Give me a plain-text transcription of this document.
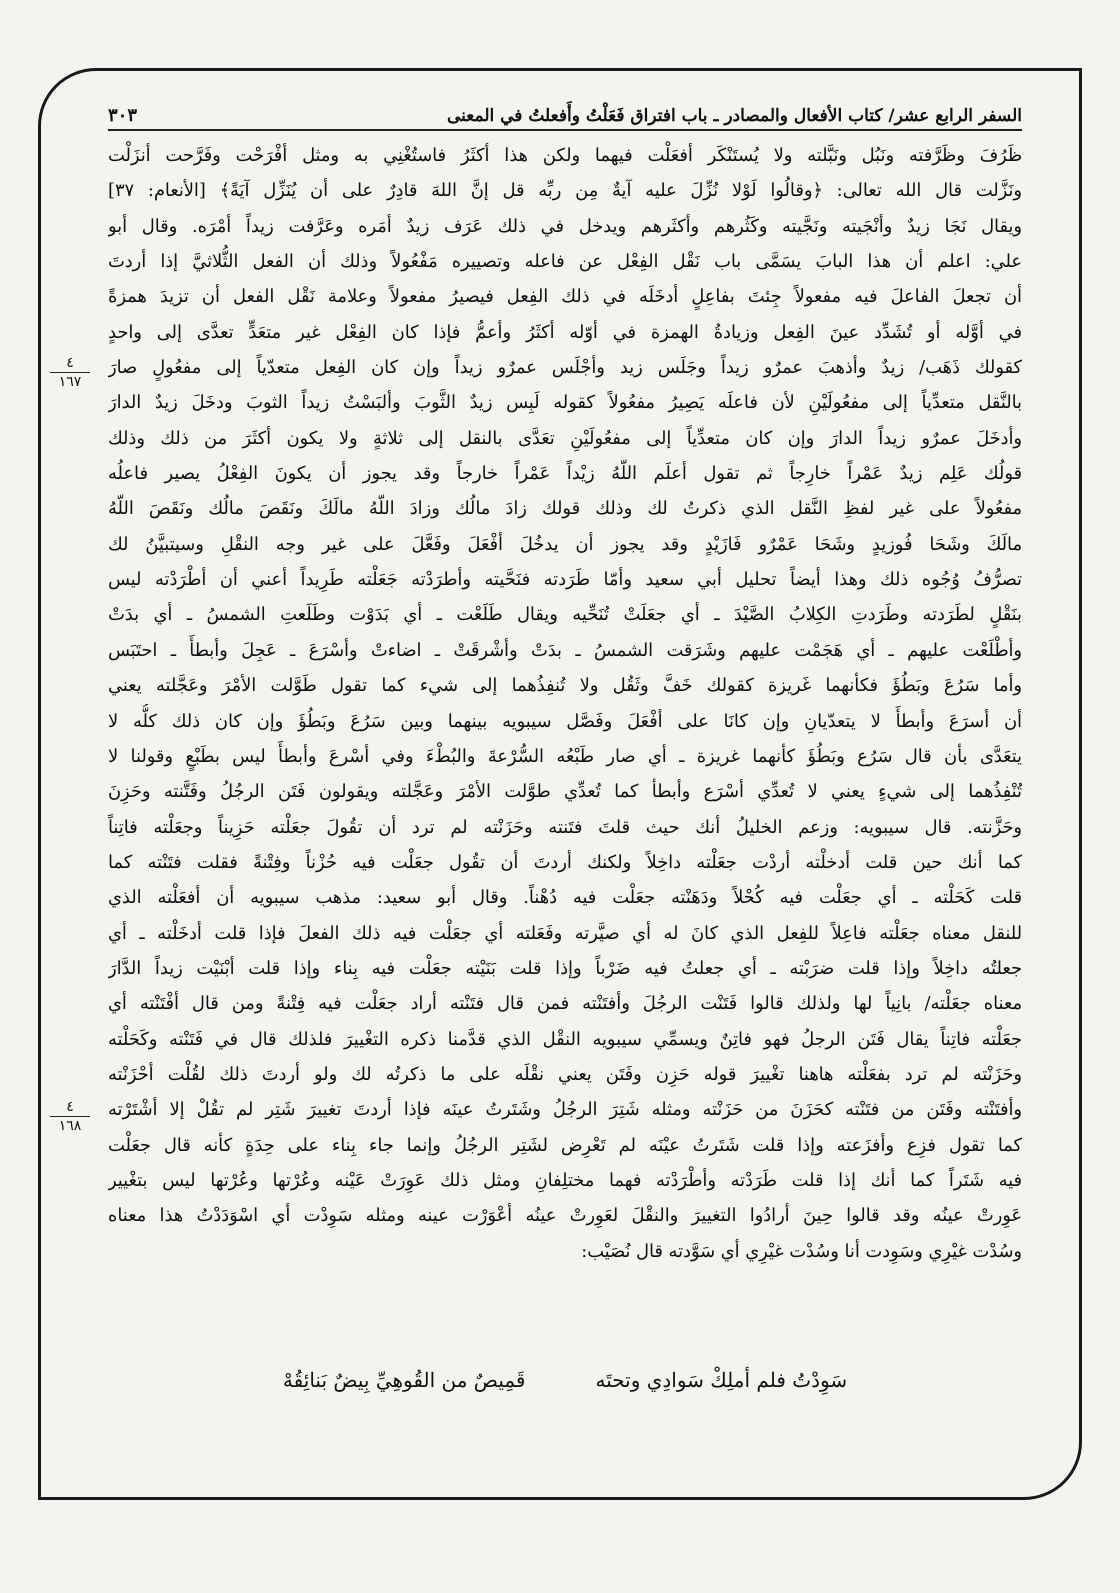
السفر الرابع عشر/ كتاب الأفعال والمصادر ـ باب افتراق فَعَلْتُ وأَفعلتُ في المعنى
٣٠٣
ظَرُفَ وظَرَّفته ونَبُل ونَبَّلته ولا يُستَنْكَر أفعَلْت فيهما ولكن هذا أكثَرُ فاستُغْنِي به ومثل أفْرَحْت وفَرَّحت أنزَلْت
ونَزَّلت قال الله تعالى: ﴿وقالُوا لَوْلا نُزِّلَ عليه آيةٌ مِن ربِّه قل إنَّ اللهَ قادِرٌ على أن يُنَزِّل آيَةً﴾ [الأنعام: ٣٧]
ويقال نَجَا زيدٌ وأنْجَيته ونَجَّيته وكَثُرهم وأكثَرهم ويدخل في ذلك عَرَف زيدٌ أمَره وعَرَّفت زيداً أمْرَه. وقال أبو
علي: اعلم أن هذا البابَ يسَمَّى باب نَقْل الفِعْل عن فاعله وتصييره مَفْعُولاً وذلك أن الفعل الثُّلاثيَّ إذا أردتَ
أن تجعلَ الفاعلَ فيه مفعولاً جِئتَ بفاعِلٍ أدخَلَه في ذلك الفِعل فيصيرُ مفعولاً وعلامة نَقْل الفعل أن تزيدَ همزةً
في أوَّله أو تُشَدِّد عينَ الفِعل وزيادةُ الهمزة في أوّله أكثَرُ وأعمُّ فإذا كان الفِعْل غير متعَدٍّ تعدَّى إلى واحدٍ
كقولك ذَهَب/ زيدٌ وأذهبَ عمرٌو زيداً وجَلَس زيد وأجْلَس عمرٌو زيداً وإن كان الفِعل متعدّياً إلى مفعُولٍ صارَ
بالنَّقل متعدِّياً إلى مفعُولَيْنِ لأن فاعلَه يَصِيرُ مفعُولاً كقوله لَبِس زيدٌ الثَّوبَ وألبَسْتُ زيداً الثوبَ ودخَلَ زيدٌ الدارَ
وأدخَلَ عمرٌو زيداً الدارَ وإن كان متعدِّياً إلى مفعُولَيْنِ تعَدَّى بالنقل إلى ثلاثةٍ ولا يكون أكثَرَ من ذلك وذلك
قولُك عَلِم زيدٌ عَمْراً خارِجاً ثم تقول أعلَم اللّهُ زيْداً عَمْراً خارجاً وقد يجوز أن يكونَ الفِعْلُ يصير فاعلُه
مفعُولاً على غير لفظِ النَّقل الذي ذكرتُ لك وذلك قولك زادَ مالُك وزادَ اللّهُ مالَكَ ونَقَصَ مالُك ونَقَصَ اللّهُ
مالَكَ وشَحَا فُوزيدٍ وشَحَا عَمْرٌو فَازَيْدٍ وقد يجوز أن يدخُلَ أفْعَلَ وفَعَّلَ على غير وجه النقْلِ وسيتبيَّنُ لك
تصرُّفُ وُجُوه ذلك وهذا أيضاً تحليل أبي سعيد وأمّا طَرَدته فنَحَّيته وأطرَدْته جَعَلْته طَرِيداً أعني أن أطْرَدْته ليس
بنَقْلٍ لطَرَدته وطَرَدتِ الكِلابُ الصَّيْدَ ـ أي جعَلَتْ تُنَحِّيه ويقال طَلَعْت ـ أي بَدَوْت وطَلَعتِ الشمسُ ـ أي بدَتْ
وأطْلَعْت عليهم ـ أي هَجَمْت عليهم وشَرَقت الشمسُ ـ بدَتْ وأشْرقَتْ ـ اضاءتْ وأسْرَعَ ـ عَجِلَ وأبطأَ ـ احتَبَس
وأما سَرُعَ وبَطُؤَ فكأنهما غَريزة كقولك خَفَّ وثَقُل ولا تُنفِذُهما إلى شيء كما تقول طَوَّلت الأمْرَ وعَجَّلته يعني
أن أسرَعَ وأبطأَ لا يتعدّيانِ وإن كانَا على أفْعَلَ وفَصَّل سيبويه بينهما وبين سَرُعَ وبَطُؤَ وإن كان ذلك كلُّه لا
يتعَدَّى بأن قال سَرُع وبَطُؤَ كأنهما غريزة ـ أي صار طَبْعُه السُّرْعةَ والبُطْءَ وفي أسْرعَ وأبطأَ ليس بطَبْعٍ وقولنا لا
تُنْفِذُهما إلى شيءٍ يعني لا تُعدِّي أسْرَع وأبطأ كما تُعدِّي طوَّلت الأمْرَ وعَجَّلته ويقولون فَتَن الرجُلُ وفَتَّنته وحَزِنَ
وحَزَّنته. قال سيبويه: وزعم الخليلُ أنك حيث قلتَ فتَنته وحَزَنْته لم ترد أن تقُولَ جعَلْته حَزِيناً وجعَلْته فاتِناً
كما أنك حين قلت أدخلْته أردْت جعَلْته داخِلاً ولكنك أردتَ أن تقُول جعَلْت فيه حُزْناً وفِتْنةً فقلت فتَنْته كما
قلت كَحَلْته ـ أي جعَلْت فيه كُحْلاً ودَهَنْته جعَلْت فيه دُهْناً. وقال أبو سعيد: مذهب سيبويه أن أفعَلْته الذي
للنقل معناه جعَلْته فاعِلاً للفِعل الذي كانَ له أي صيَّرته وفَعَلته أي جعَلْت فيه ذلك الفعلَ فإذا قلت أدخَلْته ـ أي
جعلتُه داخِلاً وإذا قلت ضرَبْته ـ أي جعلتُ فيه ضَرْباً وإذا قلت بَنَيْته جعَلْت فيه بِناء وإذا قلت أبْنَيْت زيداً الدَّارَ
معناه جعَلْته/ بانِياً لها ولذلك قالوا فَتَنْت الرجُلَ وأفتَنْته فمن قال فتَنْته أراد جعَلْت فيه فِتْنةً ومن قال أفْتَنْته أي
جعَلْته فاتِناً يقال فَتَن الرجلُ فهو فاتِنٌ ويسمِّي سيبويه النقْل الذي قدَّمنا ذكره التغْييرَ فلذلك قال في فَتَنْته وكَحَلْته
وحَزَنْته لم ترد بفعَلْته هاهنا تغْييرَ قوله حَزِن وفَتَن يعني نقْلَه على ما ذكرتُه لك ولو أردتَ ذلك لقُلْت أحْزَنْته
وأفتَنْته وفَتَن من فتَنْته كحَزَنَ من حَزَنْته ومثله شَتِرَ الرجُلُ وشَتَرتُ عينَه فإذا أردتَ تغييرَ شَتِر لم تقُلْ إلا أشْتَرْته
كما تقول فزِع وأفزَعته وإذا قلت شَتَرتُ عيْنَه لم تَعْرِض لشَتِر الرجُلُ وإنما جاء بِناء على حِدَةٍ كأنه قال جعَلْت
فيه شَتَراً كما أنك إذا قلت طَرَدْته وأطْرَدْته فهما مختلِفانِ ومثل ذلك عَوِرَتْ عَيْنه وعُرْتها وعُرْتها ليس بتغْيير
عَوِرتْ عينُه وقد قالوا حِينَ أرادُوا التغييرَ والنقْلَ لعَوِرتْ عينُه أعْوَرْت عينه ومثله سَوِدْت أي اسْوَدَدْتُ هذا معناه
وسُدْت غيْرِي وسَوِدت أنا وسُدْت غيْرِي أي سَوَّدته قال نُصَيْب:
٤
١٦٧
٤
١٦٨
سَوِدْتُ فلم أملِكْ سَوادِي وتحتَه
قَمِيصٌ من القُوهِيِّ بِيضٌ بَنائِقُهْ
